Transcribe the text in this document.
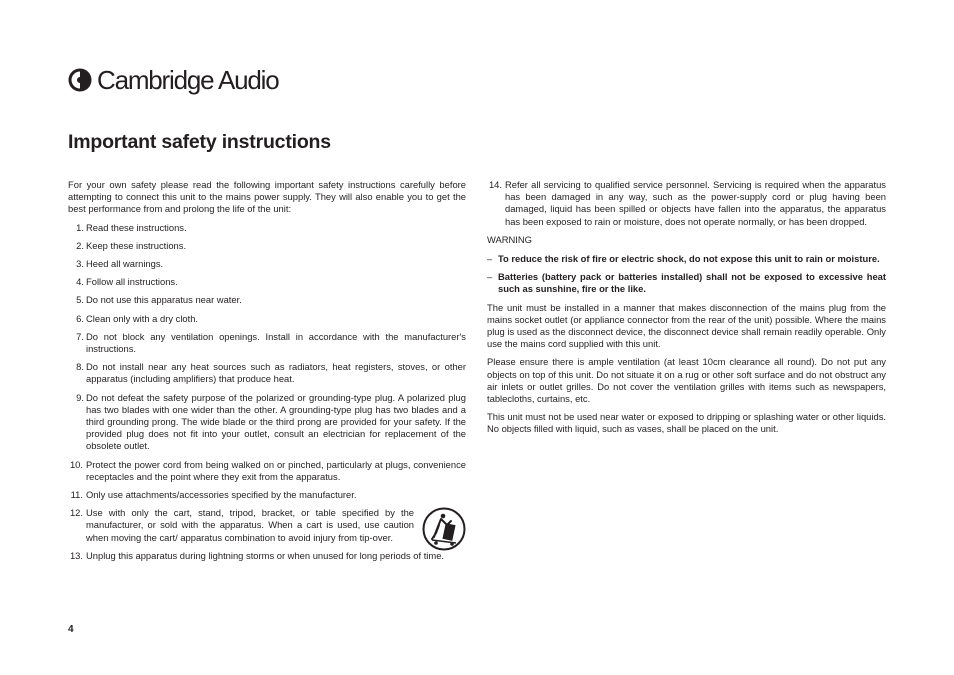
Cambridge Audio
Important safety instructions

For your own safety please read the following important safety instructions carefully before attempting to connect this unit to the mains power supply. They will also enable you to get the best performance from and prolong the life of the unit:

1. Read these instructions.
2. Keep these instructions.
3. Heed all warnings.
4. Follow all instructions.
5. Do not use this apparatus near water.
6. Clean only with a dry cloth.
7. Do not block any ventilation openings. Install in accordance with the manufacturer's instructions.
8. Do not install near any heat sources such as radiators, heat registers, stoves, or other apparatus (including amplifiers) that produce heat.
9. Do not defeat the safety purpose of the polarized or grounding-type plug. A polarized plug has two blades with one wider than the other. A grounding-type plug has two blades and a third grounding prong. The wide blade or the third prong are provided for your safety. If the provided plug does not fit into your outlet, consult an electrician for replacement of the obsolete outlet.
10. Protect the power cord from being walked on or pinched, particularly at plugs, convenience receptacles and the point where they exit from the apparatus.
11. Only use attachments/accessories specified by the manufacturer.
12. Use with only the cart, stand, tripod, bracket, or table specified by the manufacturer, or sold with the apparatus. When a cart is used, use caution when moving the cart/ apparatus combination to avoid injury from tip-over.
13. Unplug this apparatus during lightning storms or when unused for long periods of time.
14. Refer all servicing to qualified service personnel. Servicing is required when the apparatus has been damaged in any way, such as the power-supply cord or plug having been damaged, liquid has been spilled or objects have fallen into the apparatus, the apparatus has been exposed to rain or moisture, does not operate normally, or has been dropped.

WARNING

– To reduce the risk of fire or electric shock, do not expose this unit to rain or moisture.
– Batteries (battery pack or batteries installed) shall not be exposed to excessive heat such as sunshine, fire or the like.

The unit must be installed in a manner that makes disconnection of the mains plug from the mains socket outlet (or appliance connector from the rear of the unit) possible. Where the mains plug is used as the disconnect device, the disconnect device shall remain readily operable. Only use the mains cord supplied with this unit.

Please ensure there is ample ventilation (at least 10cm clearance all round). Do not put any objects on top of this unit. Do not situate it on a rug or other soft surface and do not obstruct any air inlets or outlet grilles. Do not cover the ventilation grilles with items such as newspapers, tablecloths, curtains, etc.

This unit must not be used near water or exposed to dripping or splashing water or other liquids. No objects filled with liquid, such as vases, shall be placed on the unit.

4
